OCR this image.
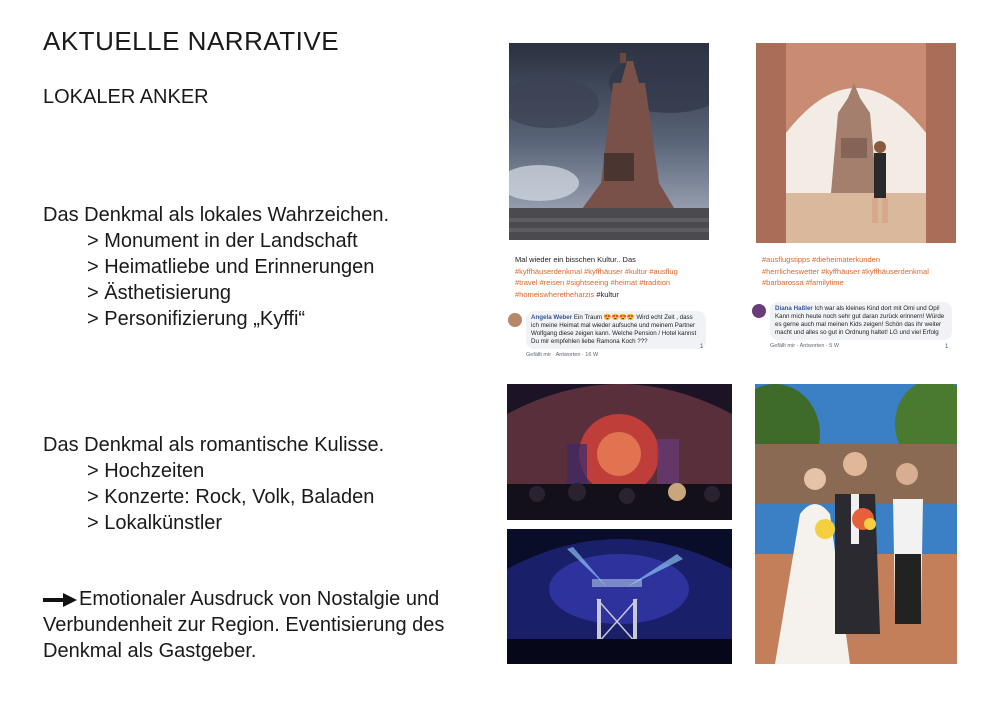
AKTUELLE NARRATIVE
LOKALER ANKER
Das Denkmal als lokales Wahrzeichen.
> Monument in der Landschaft
> Heimatliebe und Erinnerungen
> Ästhetisierung
> Personifizierung „Kyffi“
Das Denkmal als romantische Kulisse.
> Hochzeiten
> Konzerte: Rock, Volk, Baladen
> Lokalkünstler
Emotionaler Ausdruck von Nostalgie und Verbundenheit zur Region. Eventisierung des Denkmal als Gastgeber.
Mal wieder ein bisschen Kultur.. Das
#kyffhäuserdenkmal #kyffhäuser #kultur #ausflug
#travel #reisen #sightseeing #heimat #tradition
#homeiswheretheharzis #kultur
Angela Weber Ein Traum 😍😍😍😍 Wird echt Zeit , dass ich meine Heimat mal wieder aufsuche und meinem Partner Wolfgang diese zeigen kann. Welche Pension / Hotel kannst Du mir empfehlen liebe Ramona Koch ???
Gefällt mir · Antworten · 16 W
1
#ausflugstipps #dieheimaterkunden
#herrlicheswetter #kyffhäuser #kyffhäuserdenkmal
#barbarossa #familytime
Diana Haßler Ich war als kleines Kind dort mit Omi und Opi! Kann mich heute noch sehr gut daran zurück erinnern! Würde es gerne auch mal meinen Kids zeigen! Schön das ihr weiter macht und alles so gut in Ordnung haltet! LG und viel Erfolg
Gefällt mir · Antworten · 5 W	1
